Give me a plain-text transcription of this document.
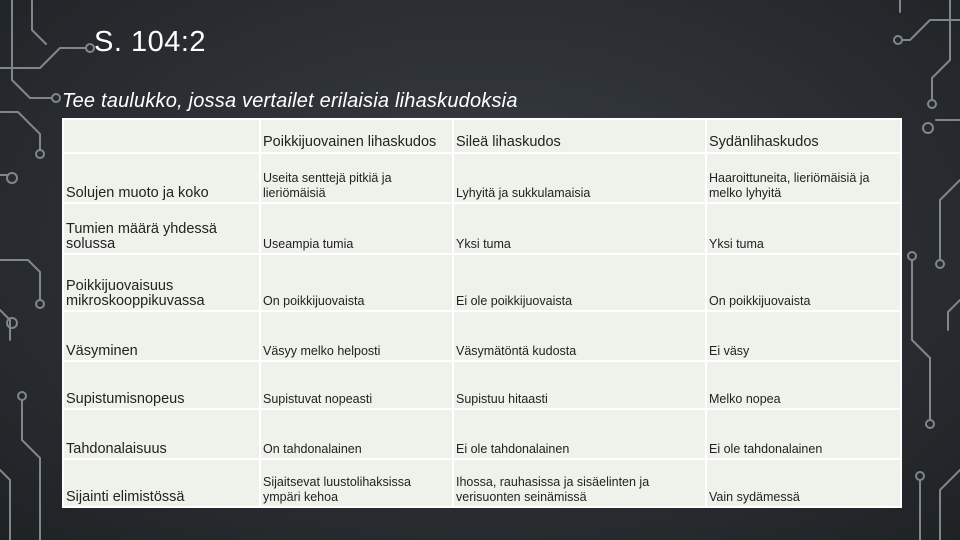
S. 104:2
Tee taulukko, jossa vertailet erilaisia lihaskudoksia
	Poikkijuovainen lihaskudos	Sileä lihaskudos	Sydänlihaskudos
Solujen muoto ja koko	Useita senttejä pitkiä ja lieriömäisiä	Lyhyitä ja sukkulamaisia	Haaroittuneita, lieriömäisiä ja melko lyhyitä
Tumien määrä yhdessä solussa	Useampia tumia	Yksi tuma	Yksi tuma
Poikkijuovaisuus mikroskooppikuvassa	On poikkijuovaista	Ei ole poikkijuovaista	On poikkijuovaista
Väsyminen	Väsyy melko helposti	Väsymätöntä kudosta	Ei väsy
Supistumisnopeus	Supistuvat nopeasti	Supistuu hitaasti	Melko nopea
Tahdonalaisuus	On tahdonalainen	Ei ole tahdonalainen	Ei ole tahdonalainen
Sijainti elimistössä	Sijaitsevat luustolihaksissa ympäri kehoa	Ihossa, rauhasissa ja sisäelinten ja verisuonten seinämissä	Vain sydämessä
